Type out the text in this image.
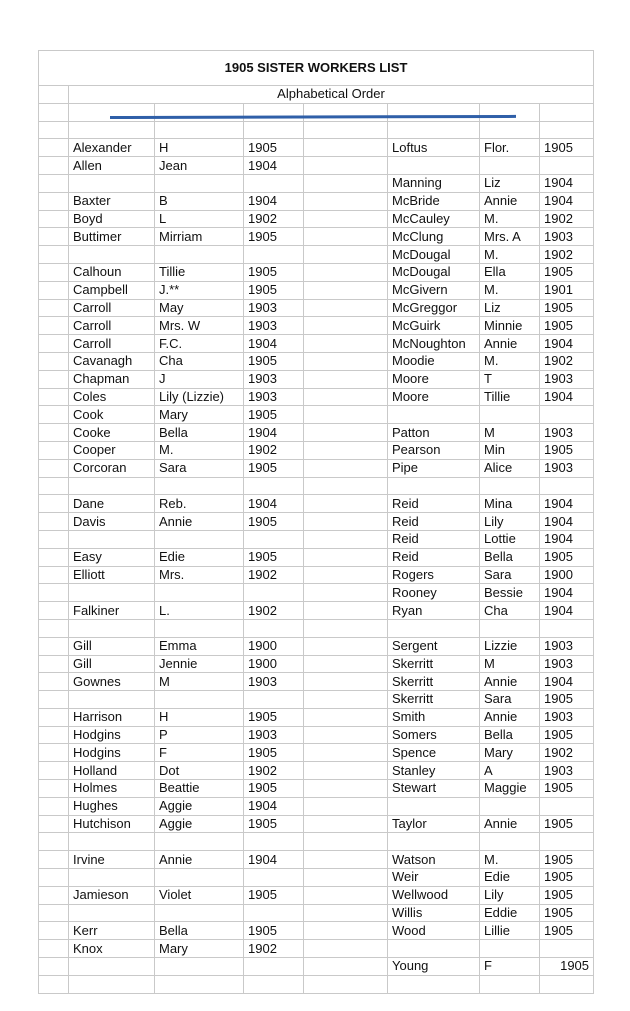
1905 SISTER WORKERS LIST							
	Alphabetical Order						

	Alexander	H	1905		Loftus	Flor.	1905
	Allen	Jean	1904				
					Manning	Liz	1904
	Baxter	B	1904		McBride	Annie	1904
	Boyd	L	1902		McCauley	M.	1902
	Buttimer	Mirriam	1905		McClung	Mrs. A	1903
					McDougal	M.	1902
	Calhoun	Tillie	1905		McDougal	Ella	1905
	Campbell	J.**	1905		McGivern	M.	1901
	Carroll	May	1903		McGreggor	Liz	1905
	Carroll	Mrs. W	1903		McGuirk	Minnie	1905
	Carroll	F.C.	1904		McNoughton	Annie	1904
	Cavanagh	Cha	1905		Moodie	M.	1902
	Chapman	J	1903		Moore	T	1903
	Coles	Lily (Lizzie)	1903		Moore	Tillie	1904
	Cook	Mary	1905				
	Cooke	Bella	1904		Patton	M	1903
	Cooper	M.	1902		Pearson	Min	1905
	Corcoran	Sara	1905		Pipe	Alice	1903

	Dane	Reb.	1904		Reid	Mina	1904
	Davis	Annie	1905		Reid	Lily	1904
					Reid	Lottie	1904
	Easy	Edie	1905		Reid	Bella	1905
	Elliott	Mrs.	1902		Rogers	Sara	1900
					Rooney	Bessie	1904
	Falkiner	L.	1902		Ryan	Cha	1904

	Gill	Emma	1900		Sergent	Lizzie	1903
	Gill	Jennie	1900		Skerritt	M	1903
	Gownes	M	1903		Skerritt	Annie	1904
					Skerritt	Sara	1905
	Harrison	H	1905		Smith	Annie	1903
	Hodgins	P	1903		Somers	Bella	1905
	Hodgins	F	1905		Spence	Mary	1902
	Holland	Dot	1902		Stanley	A	1903
	Holmes	Beattie	1905		Stewart	Maggie	1905
	Hughes	Aggie	1904				
	Hutchison	Aggie	1905		Taylor	Annie	1905

	Irvine	Annie	1904		Watson	M.	1905
					Weir	Edie	1905
	Jamieson	Violet	1905		Wellwood	Lily	1905
					Willis	Eddie	1905
	Kerr	Bella	1905		Wood	Lillie	1905
	Knox	Mary	1902				
					Young	F	1905
